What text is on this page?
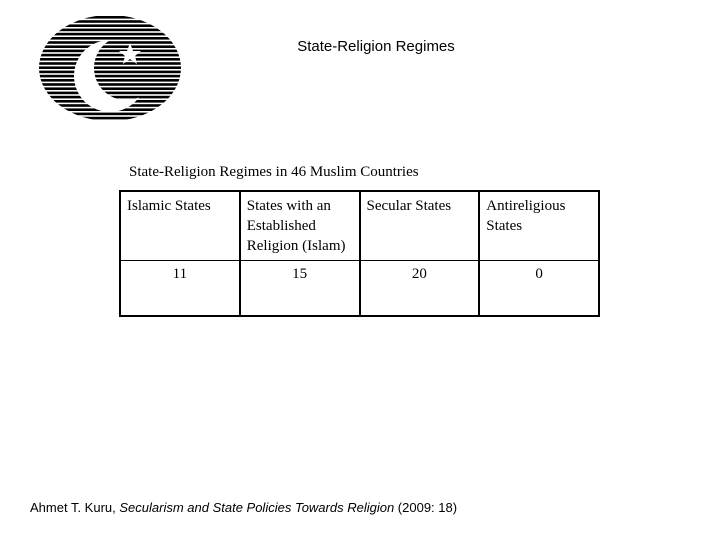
State-Religion Regimes
State-Religion Regimes in 46 Muslim Countries
Islamic States	States with an Established Religion (Islam)	Secular States	Antireligious States
11	15	20	0
Ahmet T. Kuru, Secularism and State Policies Towards Religion (2009: 18)
